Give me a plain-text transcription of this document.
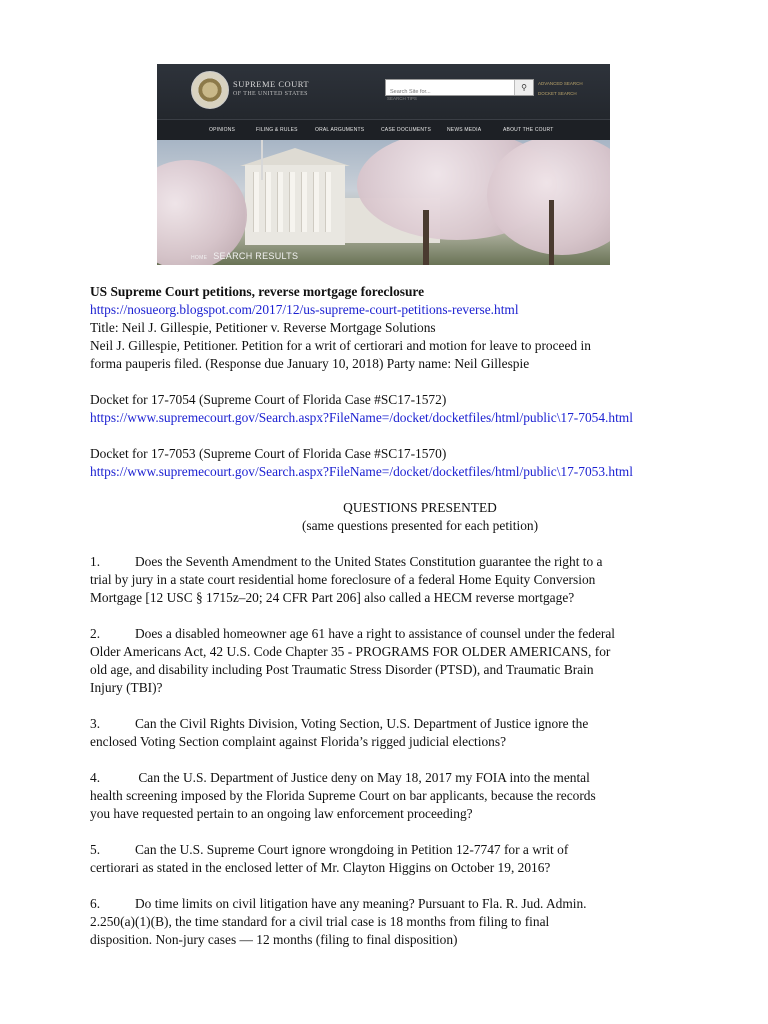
SUPREME COURT
OF THE UNITED STATES
Search Site for...
⚲
SEARCH TIPS
ADVANCED SEARCH
DOCKET SEARCH
OPINIONS	FILING & RULES	ORAL ARGUMENTS	CASE DOCUMENTS	NEWS MEDIA	ABOUT THE COURT
HOME SEARCH RESULTS

US Supreme Court petitions, reverse mortgage foreclosure

https://nosueorg.blogspot.com/2017/12/us-supreme-court-petitions-reverse.html

Title: Neil J. Gillespie, Petitioner v. Reverse Mortgage Solutions

Neil J. Gillespie, Petitioner. Petition for a writ of certiorari and motion for leave to proceed in

forma pauperis filed. (Response due January 10, 2018) Party name: Neil Gillespie

Docket for 17-7054 (Supreme Court of Florida Case #SC17-1572)

https://www.supremecourt.gov/Search.aspx?FileName=/docket/docketfiles/html/public\17-7054.html

Docket for 17-7053 (Supreme Court of Florida Case #SC17-1570)

https://www.supremecourt.gov/Search.aspx?FileName=/docket/docketfiles/html/public\17-7053.html

QUESTIONS PRESENTED

(same questions presented for each petition)

1.	Does the Seventh Amendment to the United States Constitution guarantee the right to a

trial by jury in a state court residential home foreclosure of a federal Home Equity Conversion

Mortgage [12 USC § 1715z–20; 24 CFR Part 206] also called a HECM reverse mortgage?

2.	Does a disabled homeowner age 61 have a right to assistance of counsel under the federal

Older Americans Act, 42 U.S. Code Chapter 35 - PROGRAMS FOR OLDER AMERICANS, for

old age, and disability including Post Traumatic Stress Disorder (PTSD), and Traumatic Brain

Injury (TBI)?

3.	Can the Civil Rights Division, Voting Section, U.S. Department of Justice ignore the

enclosed Voting Section complaint against Florida’s rigged judicial elections?

4.	Can the U.S. Department of Justice deny on May 18, 2017 my FOIA into the mental

health screening imposed by the Florida Supreme Court on bar applicants, because the records

you have requested pertain to an ongoing law enforcement proceeding?

5.	Can the U.S. Supreme Court ignore wrongdoing in Petition 12-7747 for a writ of

certiorari as stated in the enclosed letter of Mr. Clayton Higgins on October 19, 2016?

6.	Do time limits on civil litigation have any meaning? Pursuant to Fla. R. Jud. Admin.

2.250(a)(1)(B), the time standard for a civil trial case is 18 months from filing to final

disposition. Non-jury cases — 12 months (filing to final disposition)
